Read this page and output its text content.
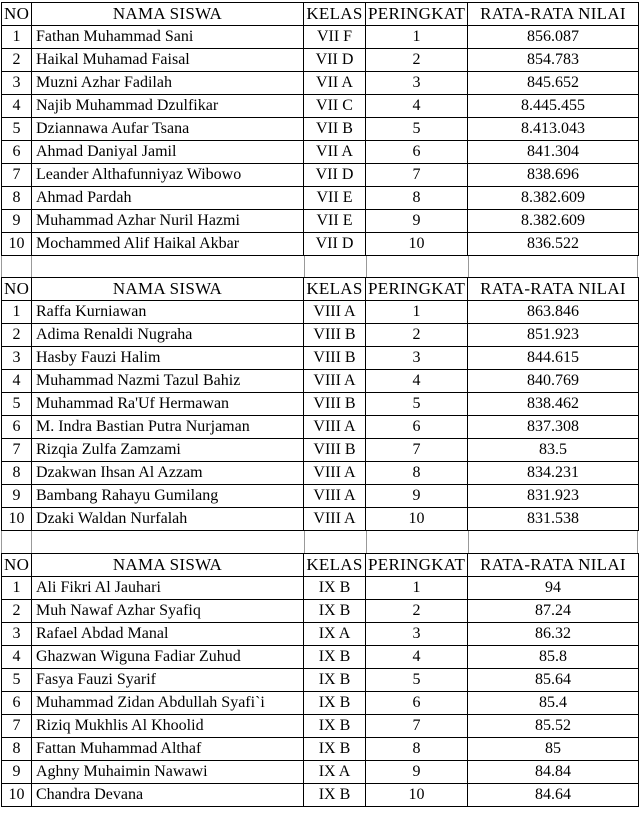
NO	NAMA SISWA	KELAS	PERINGKAT	RATA-RATA NILAI
1	Fathan Muhammad Sani	VII F	1	856.087
2	Haikal Muhamad Faisal	VII D	2	854.783
3	Muzni Azhar Fadilah	VII A	3	845.652
4	Najib Muhammad Dzulfikar	VII C	4	8.445.455
5	Dziannawa Aufar Tsana	VII B	5	8.413.043
6	Ahmad Daniyal Jamil	VII A	6	841.304
7	Leander Althafunniyaz Wibowo	VII D	7	838.696
8	Ahmad Pardah	VII E	8	8.382.609
9	Muhammad Azhar Nuril Hazmi	VII E	9	8.382.609
10	Mochammed Alif Haikal Akbar	VII D	10	836.522
NO	NAMA SISWA	KELAS	PERINGKAT	RATA-RATA NILAI
1	Raffa Kurniawan	VIII A	1	863.846
2	Adima Renaldi Nugraha	VIII B	2	851.923
3	Hasby Fauzi Halim	VIII B	3	844.615
4	Muhammad Nazmi Tazul Bahiz	VIII A	4	840.769
5	Muhammad Ra'Uf Hermawan	VIII B	5	838.462
6	M. Indra Bastian Putra Nurjaman	VIII A	6	837.308
7	Rizqia Zulfa Zamzami	VIII B	7	83.5
8	Dzakwan Ihsan Al Azzam	VIII A	8	834.231
9	Bambang Rahayu Gumilang	VIII A	9	831.923
10	Dzaki Waldan Nurfalah	VIII A	10	831.538
NO	NAMA SISWA	KELAS	PERINGKAT	RATA-RATA NILAI
1	Ali Fikri Al Jauhari	IX B	1	94
2	Muh Nawaf Azhar Syafiq	IX B	2	87.24
3	Rafael Abdad Manal	IX A	3	86.32
4	Ghazwan Wiguna Fadiar Zuhud	IX B	4	85.8
5	Fasya Fauzi Syarif	IX B	5	85.64
6	Muhammad Zidan Abdullah Syafi`i	IX B	6	85.4
7	Riziq Mukhlis Al Khoolid	IX B	7	85.52
8	Fattan Muhammad Althaf	IX B	8	85
9	Aghny Muhaimin Nawawi	IX A	9	84.84
10	Chandra Devana	IX B	10	84.64
